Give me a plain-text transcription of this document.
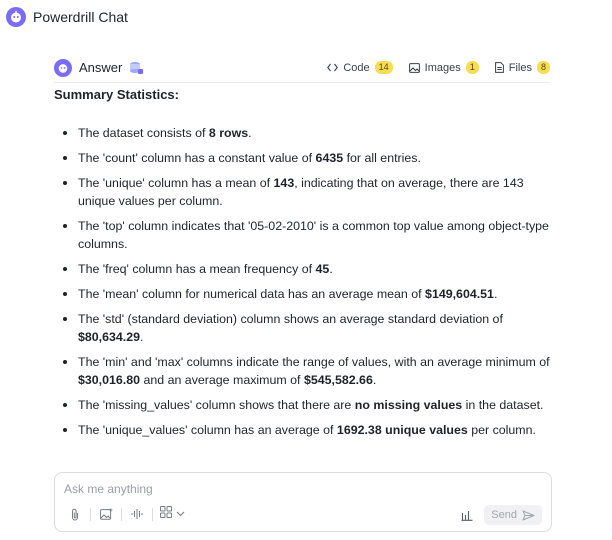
Powerdrill Chat
Answer	Code	14	Images	1	Files	8
Summary Statistics:
The dataset consists of 8 rows.
The 'count' column has a constant value of 6435 for all entries.
The 'unique' column has a mean of 143, indicating that on average, there are 143 unique values per column.
The 'top' column indicates that '05-02-2010' is a common top value among object-type columns.
The 'freq' column has a mean frequency of 45.
The 'mean' column for numerical data has an average mean of $149,604.51.
The 'std' (standard deviation) column shows an average standard deviation of $80,634.29.
The 'min' and 'max' columns indicate the range of values, with an average minimum of $30,016.80 and an average maximum of $545,582.66.
The 'missing_values' column shows that there are no missing values in the dataset.
The 'unique_values' column has an average of 1692.38 unique values per column.
Ask me anything
Send
